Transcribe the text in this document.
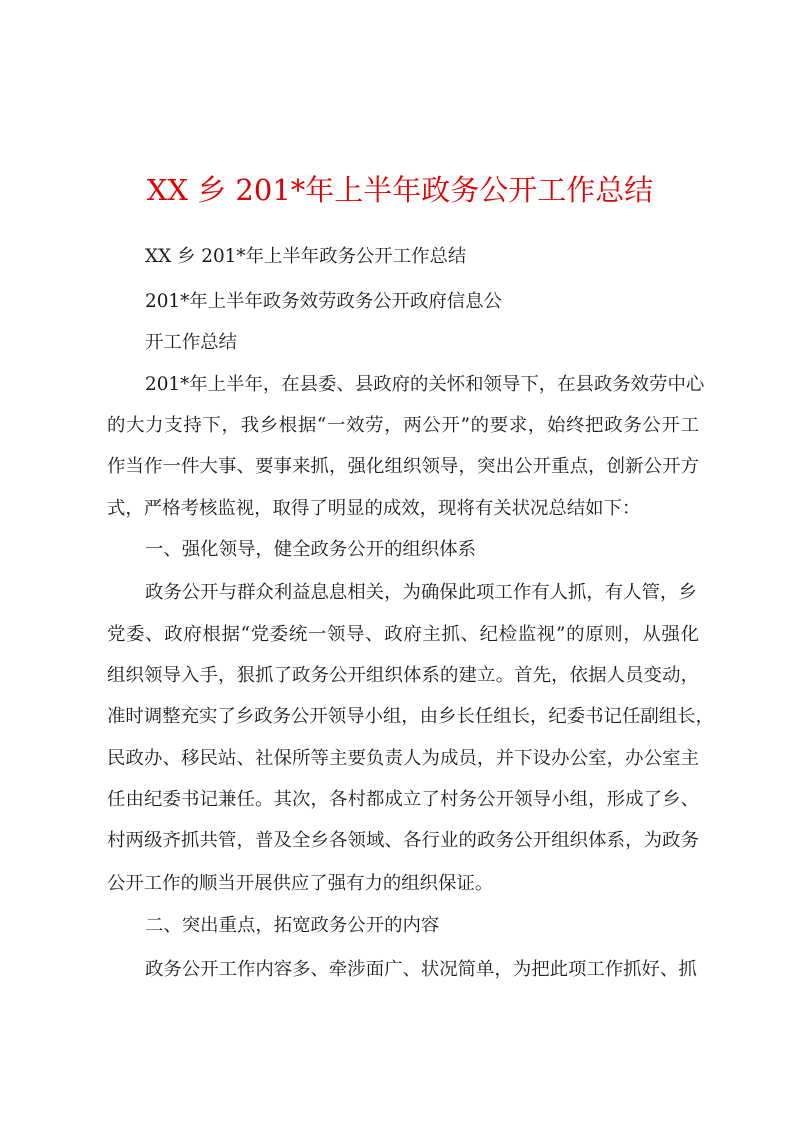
XX 乡 201*年上半年政务公开工作总结
XX 乡 201*年上半年政务公开工作总结
201*年上半年政务效劳政务公开政府信息公
开工作总结
201*年上半年，在县委、县政府的关怀和领导下，在县政务效劳中心
的大力支持下，我乡根据“一效劳，两公开”的要求，始终把政务公开工
作当作一件大事、要事来抓，强化组织领导，突出公开重点，创新公开方
式，严格考核监视，取得了明显的成效，现将有关状况总结如下：
一、强化领导，健全政务公开的组织体系
政务公开与群众利益息息相关，为确保此项工作有人抓，有人管，乡
党委、政府根据“党委统一领导、政府主抓、纪检监视”的原则，从强化
组织领导入手，狠抓了政务公开组织体系的建立。首先，依据人员变动，
准时调整充实了乡政务公开领导小组，由乡长任组长，纪委书记任副组长，
民政办、移民站、社保所等主要负责人为成员，并下设办公室，办公室主
任由纪委书记兼任。其次，各村都成立了村务公开领导小组，形成了乡、
村两级齐抓共管，普及全乡各领域、各行业的政务公开组织体系，为政务
公开工作的顺当开展供应了强有力的组织保证。
二、突出重点，拓宽政务公开的内容
政务公开工作内容多、牵涉面广、状况简单，为把此项工作抓好、抓
